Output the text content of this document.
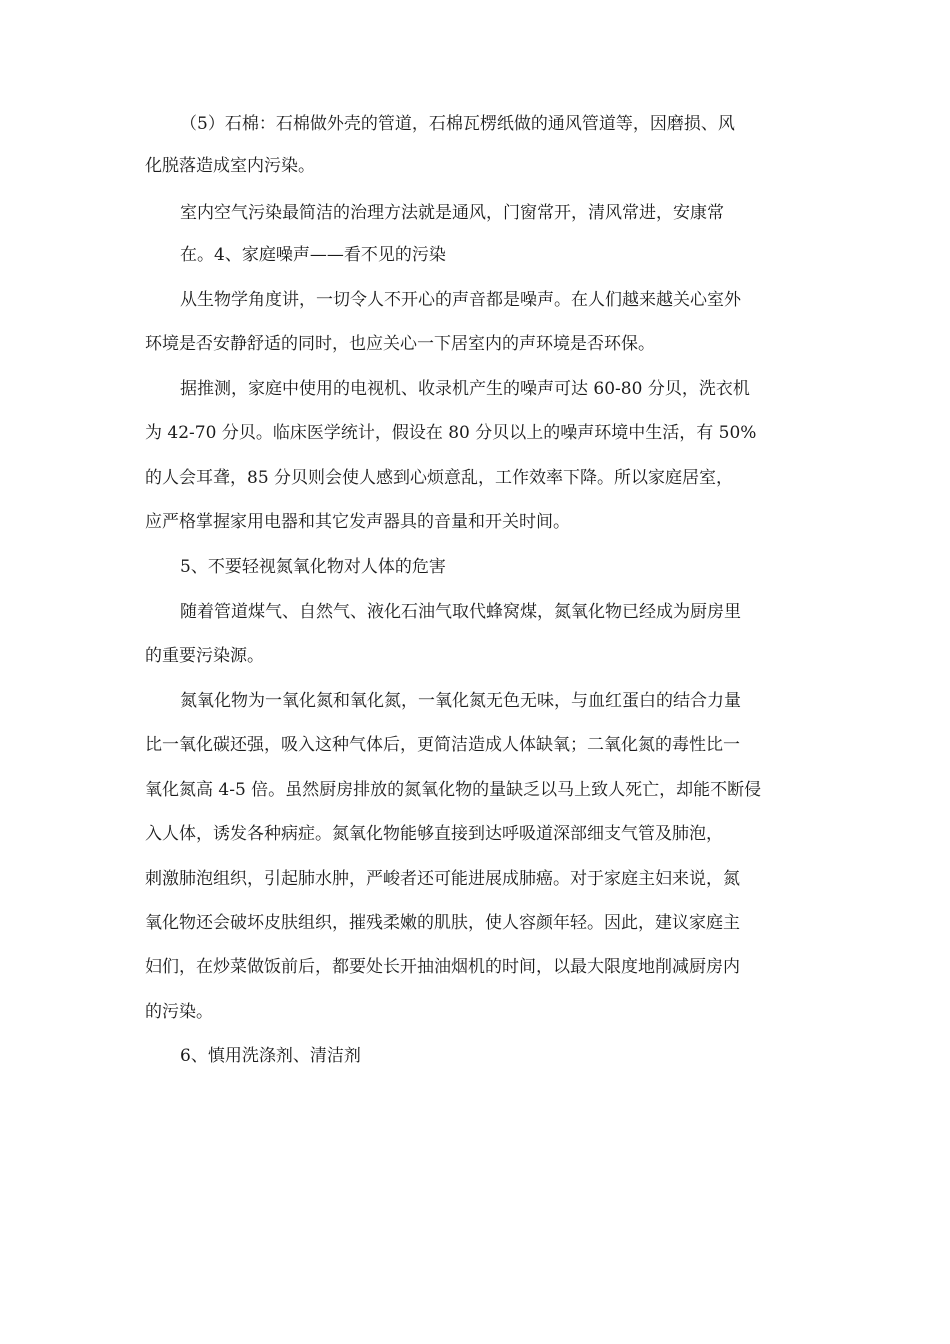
（5）石棉：石棉做外壳的管道，石棉瓦楞纸做的通风管道等，因磨损、风

化脱落造成室内污染。

室内空气污染最简洁的治理方法就是通风，门窗常开，清风常进，安康常

在。4、家庭噪声——看不见的污染

从生物学角度讲，一切令人不开心的声音都是噪声。在人们越来越关心室外

环境是否安静舒适的同时，也应关心一下居室内的声环境是否环保。

据推测，家庭中使用的电视机、收录机产生的噪声可达 60-80 分贝，洗衣机

为 42-70 分贝。临床医学统计，假设在 80 分贝以上的噪声环境中生活，有 50%

的人会耳聋，85 分贝则会使人感到心烦意乱，工作效率下降。所以家庭居室，

应严格掌握家用电器和其它发声器具的音量和开关时间。

5、不要轻视氮氧化物对人体的危害

随着管道煤气、自然气、液化石油气取代蜂窝煤，氮氧化物已经成为厨房里

的重要污染源。

氮氧化物为一氧化氮和氧化氮，一氧化氮无色无味，与血红蛋白的结合力量

比一氧化碳还强，吸入这种气体后，更简洁造成人体缺氧；二氧化氮的毒性比一

氧化氮高 4-5 倍。虽然厨房排放的氮氧化物的量缺乏以马上致人死亡，却能不断侵

入人体，诱发各种病症。氮氧化物能够直接到达呼吸道深部细支气管及肺泡，

刺激肺泡组织，引起肺水肿，严峻者还可能进展成肺癌。对于家庭主妇来说，氮

氧化物还会破坏皮肤组织，摧残柔嫩的肌肤，使人容颜年轻。因此，建议家庭主

妇们，在炒菜做饭前后，都要处长开抽油烟机的时间，以最大限度地削减厨房内

的污染。

6、慎用洗涤剂、清洁剂
